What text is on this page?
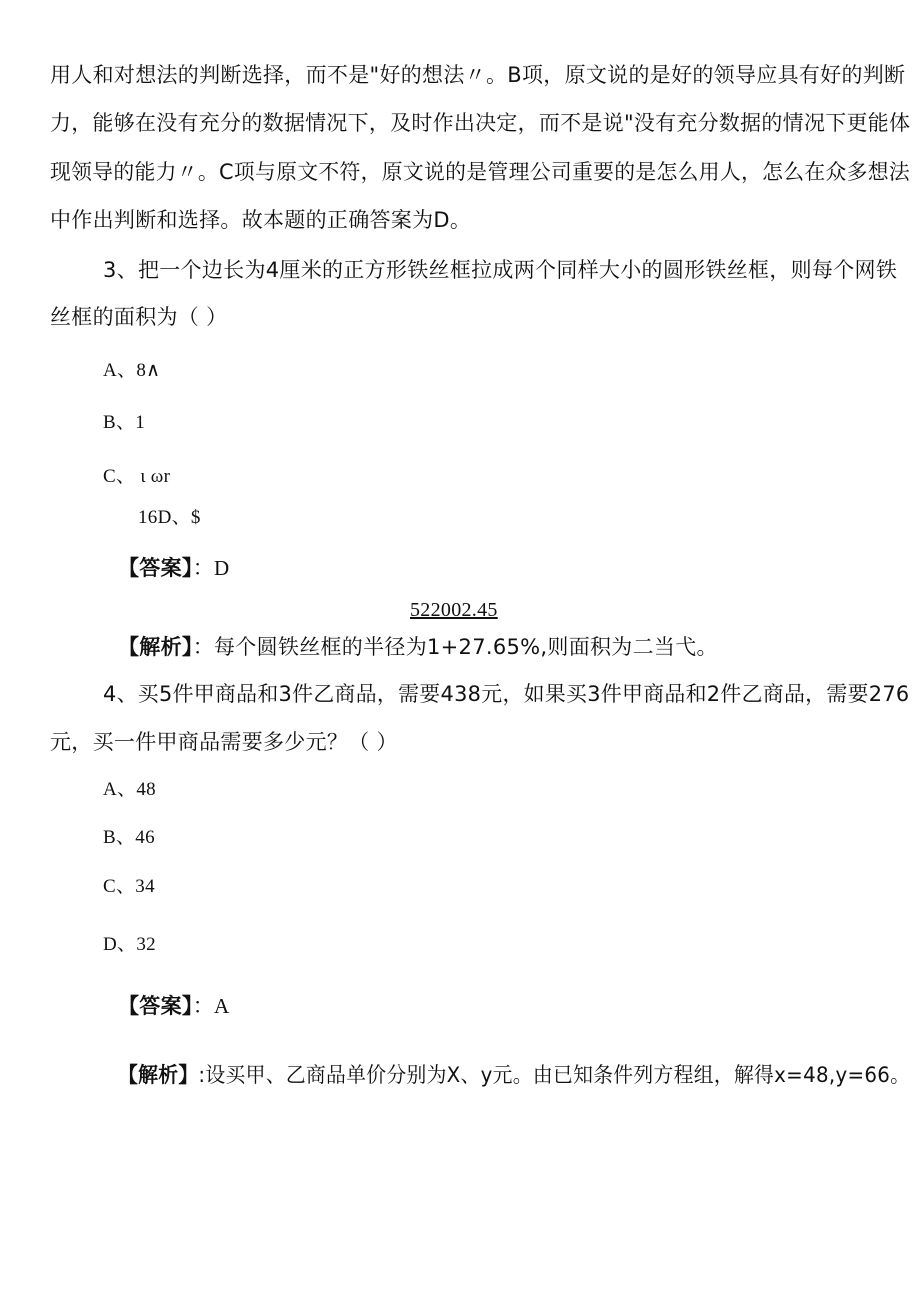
用人和对想法的判断选择，而不是"好的想法〃。B项，原文说的是好的领导应具有好的判断
力，能够在没有充分的数据情况下，及时作出决定，而不是说"没有充分数据的情况下更能体
现领导的能力〃。C项与原文不符，原文说的是管理公司重要的是怎么用人，怎么在众多想法
中作出判断和选择。故本题的正确答案为D。
3、把一个边长为4厘米的正方形铁丝框拉成两个同样大小的圆形铁丝框，则每个网铁
丝框的面积为（ ）
A、8∧
B、1
C、 ι ωr
16D、$
【答案】：D
522002.45
【解析】：每个圆铁丝框的半径为1+27.65%,则面积为二当弋。
4、买5件甲商品和3件乙商品，需要438元，如果买3件甲商品和2件乙商品，需要276
元，买一件甲商品需要多少元？（ ）
A、48
B、46
C、34
D、32
【答案】：A
【解析】:设买甲、乙商品单价分别为X、y元。由已知条件列方程组，解得x=48,y=66。
